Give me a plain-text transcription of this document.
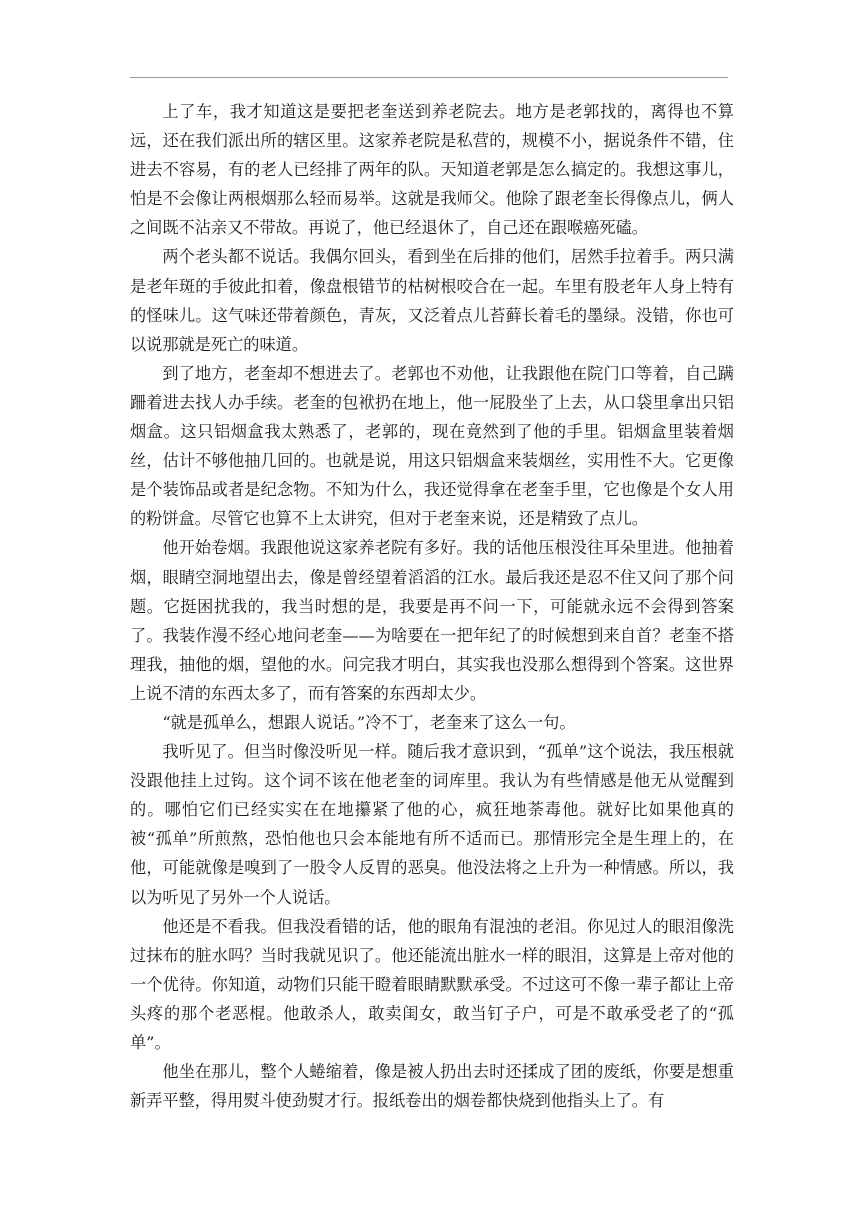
上了车，我才知道这是要把老奎送到养老院去。地方是老郭找的，离得也不算远，还在我们派出所的辖区里。这家养老院是私营的，规模不小，据说条件不错，住进去不容易，有的老人已经排了两年的队。天知道老郭是怎么搞定的。我想这事儿，怕是不会像让两根烟那么轻而易举。这就是我师父。他除了跟老奎长得像点儿，俩人之间既不沾亲又不带故。再说了，他已经退休了，自己还在跟喉癌死磕。

两个老头都不说话。我偶尔回头，看到坐在后排的他们，居然手拉着手。两只满是老年斑的手彼此扣着，像盘根错节的枯树根咬合在一起。车里有股老年人身上特有的怪味儿。这气味还带着颜色，青灰，又泛着点儿苔藓长着毛的墨绿。没错，你也可以说那就是死亡的味道。

到了地方，老奎却不想进去了。老郭也不劝他，让我跟他在院门口等着，自己蹒跚着进去找人办手续。老奎的包袱扔在地上，他一屁股坐了上去，从口袋里拿出只铝烟盒。这只铝烟盒我太熟悉了，老郭的，现在竟然到了他的手里。铝烟盒里装着烟丝，估计不够他抽几回的。也就是说，用这只铝烟盒来装烟丝，实用性不大。它更像是个装饰品或者是纪念物。不知为什么，我还觉得拿在老奎手里，它也像是个女人用的粉饼盒。尽管它也算不上太讲究，但对于老奎来说，还是精致了点儿。

他开始卷烟。我跟他说这家养老院有多好。我的话他压根没往耳朵里进。他抽着烟，眼睛空洞地望出去，像是曾经望着滔滔的江水。最后我还是忍不住又问了那个问题。它挺困扰我的，我当时想的是，我要是再不问一下，可能就永远不会得到答案了。我装作漫不经心地问老奎——为啥要在一把年纪了的时候想到来自首？老奎不搭理我，抽他的烟，望他的水。问完我才明白，其实我也没那么想得到个答案。这世界上说不清的东西太多了，而有答案的东西却太少。

“就是孤单么，想跟人说话。”冷不丁，老奎来了这么一句。

我听见了。但当时像没听见一样。随后我才意识到，“孤单”这个说法，我压根就没跟他挂上过钩。这个词不该在他老奎的词库里。我认为有些情感是他无从觉醒到的。哪怕它们已经实实在在地攥紧了他的心，疯狂地荼毒他。就好比如果他真的被“孤单”所煎熬，恐怕他也只会本能地有所不适而已。那情形完全是生理上的，在他，可能就像是嗅到了一股令人反胃的恶臭。他没法将之上升为一种情感。所以，我以为听见了另外一个人说话。

他还是不看我。但我没看错的话，他的眼角有混浊的老泪。你见过人的眼泪像洗过抹布的脏水吗？当时我就见识了。他还能流出脏水一样的眼泪，这算是上帝对他的一个优待。你知道，动物们只能干瞪着眼睛默默承受。不过这可不像一辈子都让上帝头疼的那个老恶棍。他敢杀人，敢卖闺女，敢当钉子户，可是不敢承受老了的“孤单”。

他坐在那儿，整个人蜷缩着，像是被人扔出去时还揉成了团的废纸，你要是想重新弄平整，得用熨斗使劲熨才行。报纸卷出的烟卷都快烧到他指头上了。有
